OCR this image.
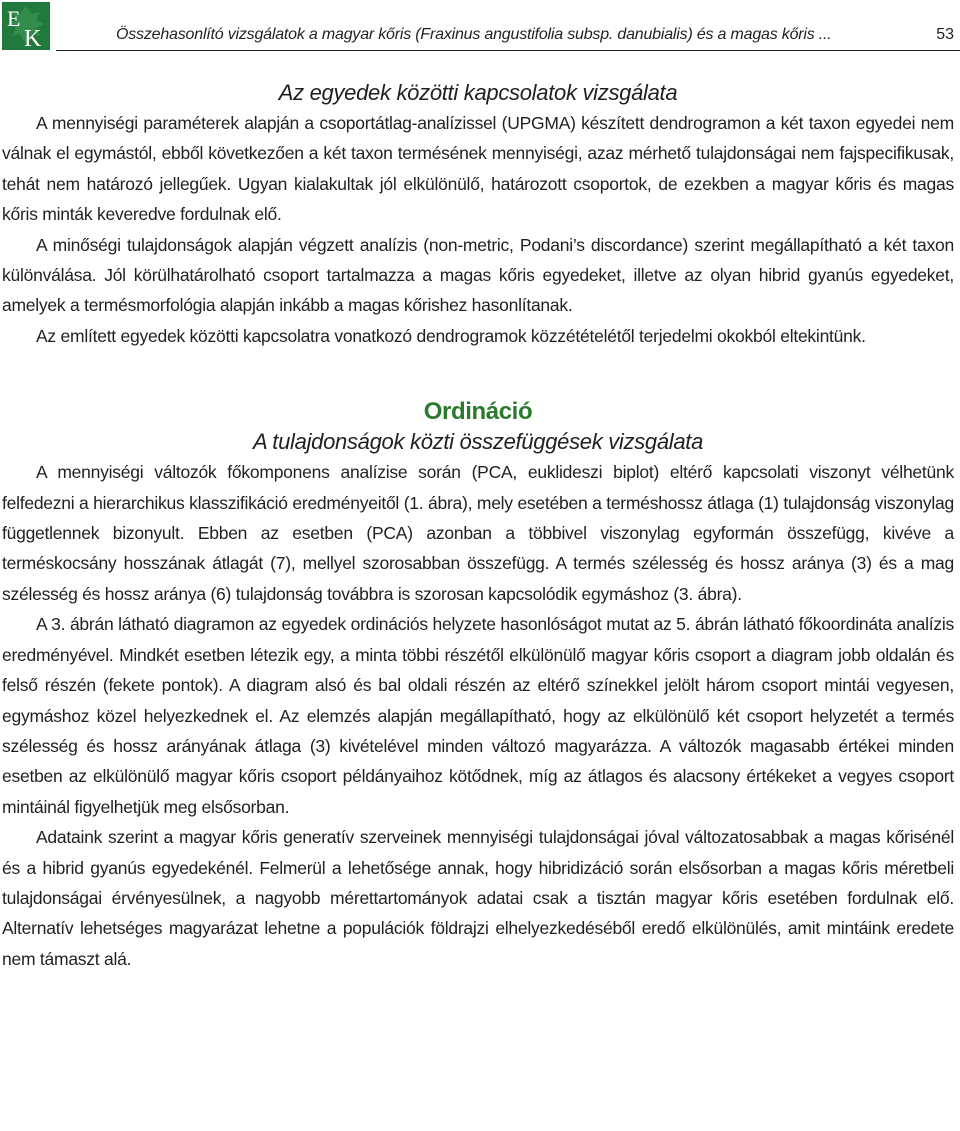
E
K	Összehasonlító vizsgálatok a magyar kőris (Fraxinus angustifolia subsp. danubialis) és a magas kőris ...	53
Az egyedek közötti kapcsolatok vizsgálata

A mennyiségi paraméterek alapján a csoportátlag-analízissel (UPGMA) készített dendrogramon a két taxon egyedei nem válnak el egymástól, ebből következően a két taxon termésének mennyiségi, azaz mérhető tulajdonságai nem fajspecifikusak, tehát nem határozó jellegűek. Ugyan kialakultak jól elkülönülő, határozott csoportok, de ezekben a magyar kőris és magas kőris minták keveredve fordulnak elő.

A minőségi tulajdonságok alapján végzett analízis (non-metric, Podani’s discordance) szerint megállapítható a két taxon különválása. Jól körülhatárolható csoport tartalmazza a magas kőris egyedeket, illetve az olyan hibrid gyanús egyedeket, amelyek a termésmorfológia alapján inkább a magas kőrishez hasonlítanak.

Az említett egyedek közötti kapcsolatra vonatkozó dendrogramok közzétételétől terjedelmi okokból eltekintünk.

Ordináció
A tulajdonságok közti összefüggések vizsgálata

A mennyiségi változók főkomponens analízise során (PCA, euklideszi biplot) eltérő kapcsolati viszonyt vélhetünk felfedezni a hierarchikus klasszifikáció eredményeitől (1. ábra), mely esetében a terméshossz átlaga (1) tulajdonság viszonylag függetlennek bizonyult. Ebben az esetben (PCA) azonban a többivel viszonylag egyformán összefügg, kivéve a terméskocsány hosszának átlagát (7), mellyel szorosabban összefügg. A termés szélesség és hossz aránya (3) és a mag szélesség és hossz aránya (6) tulajdonság továbbra is szorosan kapcsolódik egymáshoz (3. ábra).

A 3. ábrán látható diagramon az egyedek ordinációs helyzete hasonlóságot mutat az 5. ábrán látható főkoordináta analízis eredményével. Mindkét esetben létezik egy, a minta többi részétől elkülönülő magyar kőris csoport a diagram jobb oldalán és felső részén (fekete pontok). A diagram alsó és bal oldali részén az eltérő színekkel jelölt három csoport mintái vegyesen, egymáshoz közel helyezkednek el. Az elemzés alapján megállapítható, hogy az elkülönülő két csoport helyzetét a termés szélesség és hossz arányának átlaga (3) kivételével minden változó magyarázza. A változók magasabb értékei minden esetben az elkülönülő magyar kőris csoport példányaihoz kötődnek, míg az átlagos és alacsony értékeket a vegyes csoport mintáinál figyelhetjük meg elsősorban.

Adataink szerint a magyar kőris generatív szerveinek mennyiségi tulajdonságai jóval változatosabbak a magas kőrisénél és a hibrid gyanús egyedekénél. Felmerül a lehetősége annak, hogy hibridizáció során elsősorban a magas kőris méretbeli tulajdonságai érvényesülnek, a nagyobb mérettartományok adatai csak a tisztán magyar kőris esetében fordulnak elő. Alternatív lehetséges magyarázat lehetne a populációk földrajzi elhelyezkedéséből eredő elkülönülés, amit mintáink eredete nem támaszt alá.
